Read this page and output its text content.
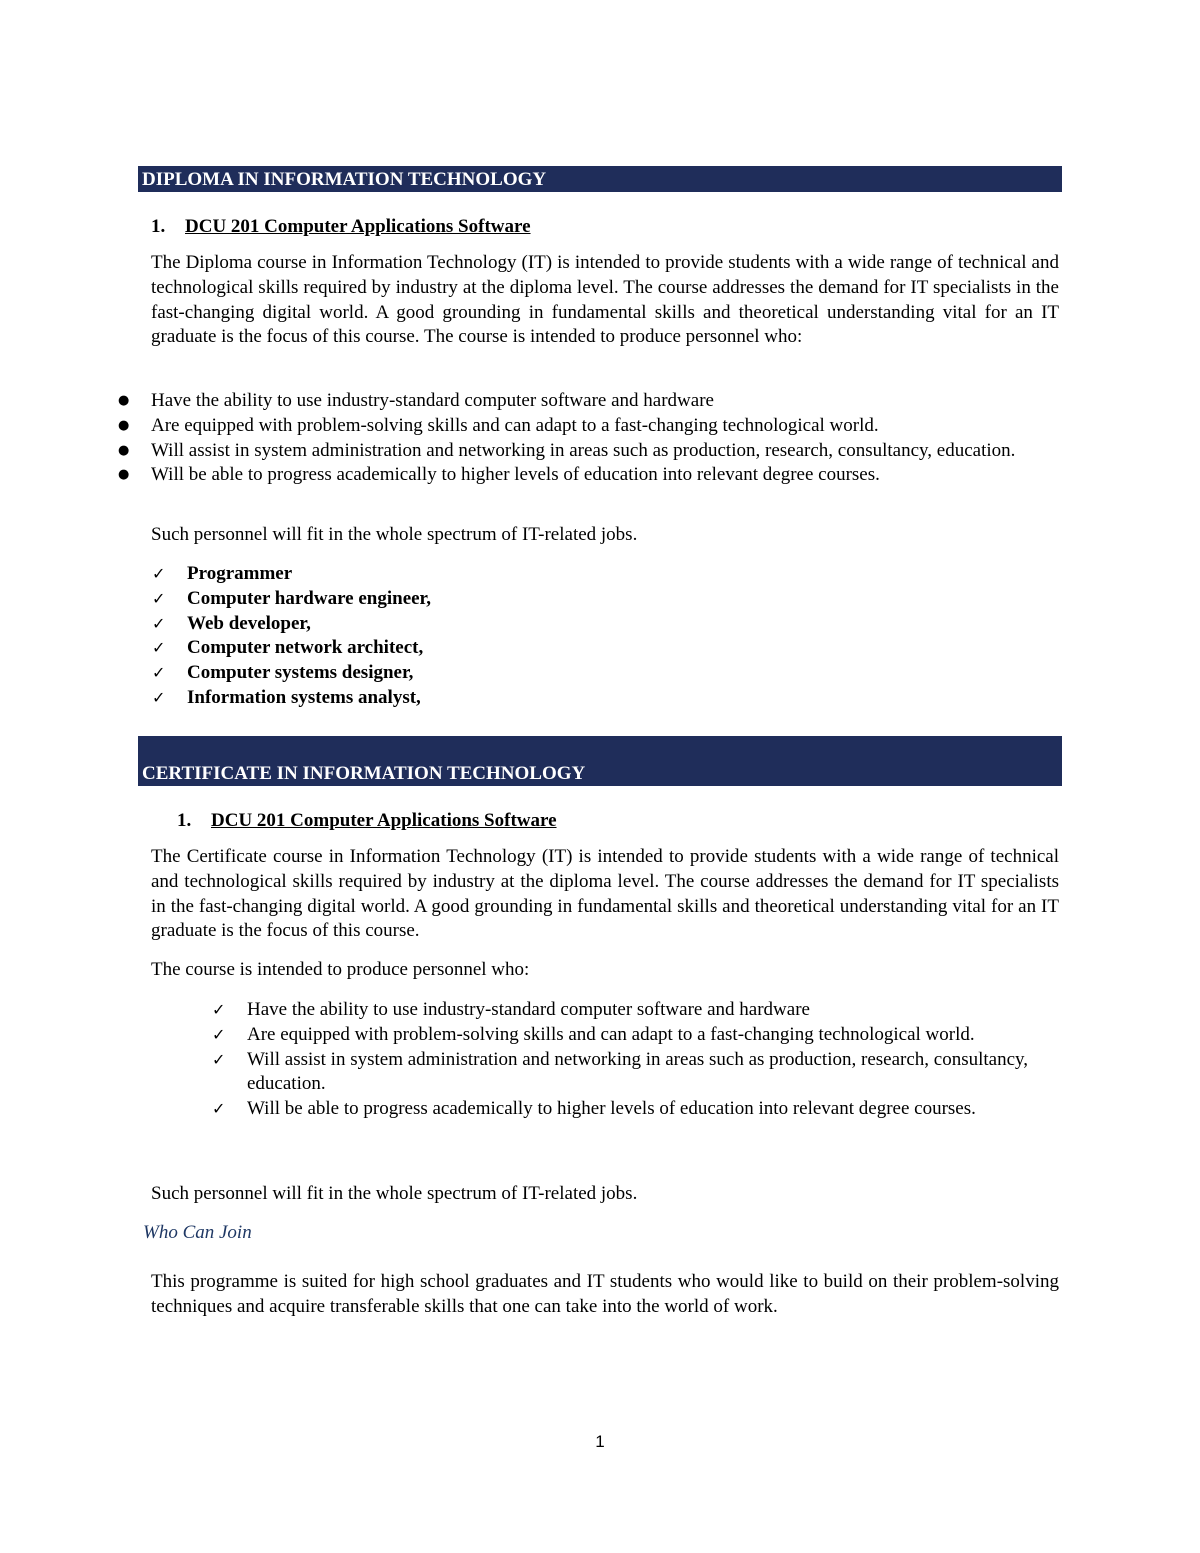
DIPLOMA IN INFORMATION TECHNOLOGY
1. DCU 201 Computer Applications Software

The Diploma course in Information Technology (IT) is intended to provide students with a wide range of technical and technological skills required by industry at the diploma level. The course addresses the demand for IT specialists in the fast-changing digital world. A good grounding in fundamental skills and theoretical understanding vital for an IT graduate is the focus of this course. The course is intended to produce personnel who:

● Have the ability to use industry-standard computer software and hardware
● Are equipped with problem-solving skills and can adapt to a fast-changing technological world.
● Will assist in system administration and networking in areas such as production, research, consultancy, education.
● Will be able to progress academically to higher levels of education into relevant degree courses.

Such personnel will fit in the whole spectrum of IT-related jobs.

✓ Programmer
✓ Computer hardware engineer,
✓ Web developer,
✓ Computer network architect,
✓ Computer systems designer,
✓ Information systems analyst,
CERTIFICATE IN INFORMATION TECHNOLOGY
1. DCU 201 Computer Applications Software

The Certificate course in Information Technology (IT) is intended to provide students with a wide range of technical and technological skills required by industry at the diploma level. The course addresses the demand for IT specialists in the fast-changing digital world. A good grounding in fundamental skills and theoretical understanding vital for an IT graduate is the focus of this course.

The course is intended to produce personnel who:

✓ Have the ability to use industry-standard computer software and hardware
✓ Are equipped with problem-solving skills and can adapt to a fast-changing technological world.
✓ Will assist in system administration and networking in areas such as production, research, consultancy, education.
✓ Will be able to progress academically to higher levels of education into relevant degree courses.

Such personnel will fit in the whole spectrum of IT-related jobs.

Who Can Join

This programme is suited for high school graduates and IT students who would like to build on their problem-solving techniques and acquire transferable skills that one can take into the world of work.

1
